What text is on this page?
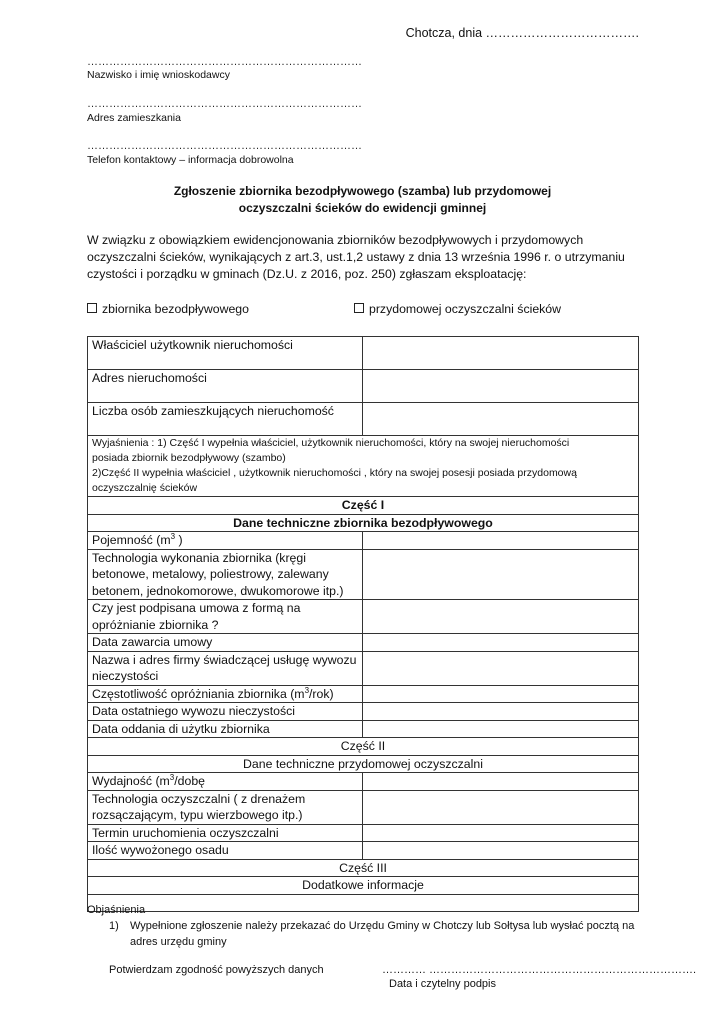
Chotcza, dnia ……………………………….
…………………………………………………………………
Nazwisko i imię wnioskodawcy
…………………………………………………………………
Adres zamieszkania
…………………………………………………………………
Telefon kontaktowy – informacja dobrowolna
Zgłoszenie zbiornika bezodpływowego (szamba) lub przydomowej
oczyszczalni ścieków do ewidencji gminnej
W związku z obowiązkiem ewidencjonowania zbiorników bezodpływowych i przydomowych oczyszczalni ścieków, wynikających z art.3, ust.1,2 ustawy z dnia 13 września 1996 r. o utrzymaniu czystości i porządku w gminach (Dz.U. z 2016, poz. 250) zgłaszam eksploatację:
zbiornika bezodpływowego	przydomowej oczyszczalni ścieków
Właściciel użytkownik nieruchomości	
Adres nieruchomości	
Liczba osób zamieszkujących nieruchomość	

Wyjaśnienia : 1) Część I wypełnia właściciel, użytkownik nieruchomości, który na swojej nieruchomości
posiada zbiornik bezodpływowy (szambo)
2)Część II wypełnia właściciel , użytkownik nieruchomości , który na swojej posesji posiada przydomową
oczyszczalnię ścieków	

Część I	
Dane techniczne zbiornika bezodpływowego	
Pojemność ($m^3$ )	
Technologia wykonania zbiornika (kręgi betonowe, metalowy, poliestrowy, zalewany betonem, jednokomorowe, dwukomorowe itp.)	
Czy jest podpisana umowa z formą na opróżnianie zbiornika ?	
Data zawarcia umowy	
Nazwa i adres firmy świadczącej usługę wywozu nieczystości	
Częstotliwość opróżniania zbiornika $(m^3/rok)$	
Data ostatniego wywozu nieczystości	
Data oddania di użytku zbiornika	
Część II	
Dane techniczne przydomowej oczyszczalni	
Wydajność ($m^3$/dobę	
Technologia oczyszczalni ( z drenażem rozsączającym, typu wierzbowego itp.)	
Termin uruchomienia oczyszczalni	
Ilość wywożonego osadu	
Część III	
Dodatkowe informacje	

Objaśnienia
1) Wypełnione zgłoszenie należy przekazać do Urzędu Gminy w Chotczy lub Sołtysa lub wysłać pocztą na adres urzędu gminy
Potwierdzam zgodność powyższych danych	………… ……………………………………………………………….
Data i czytelny podpis
